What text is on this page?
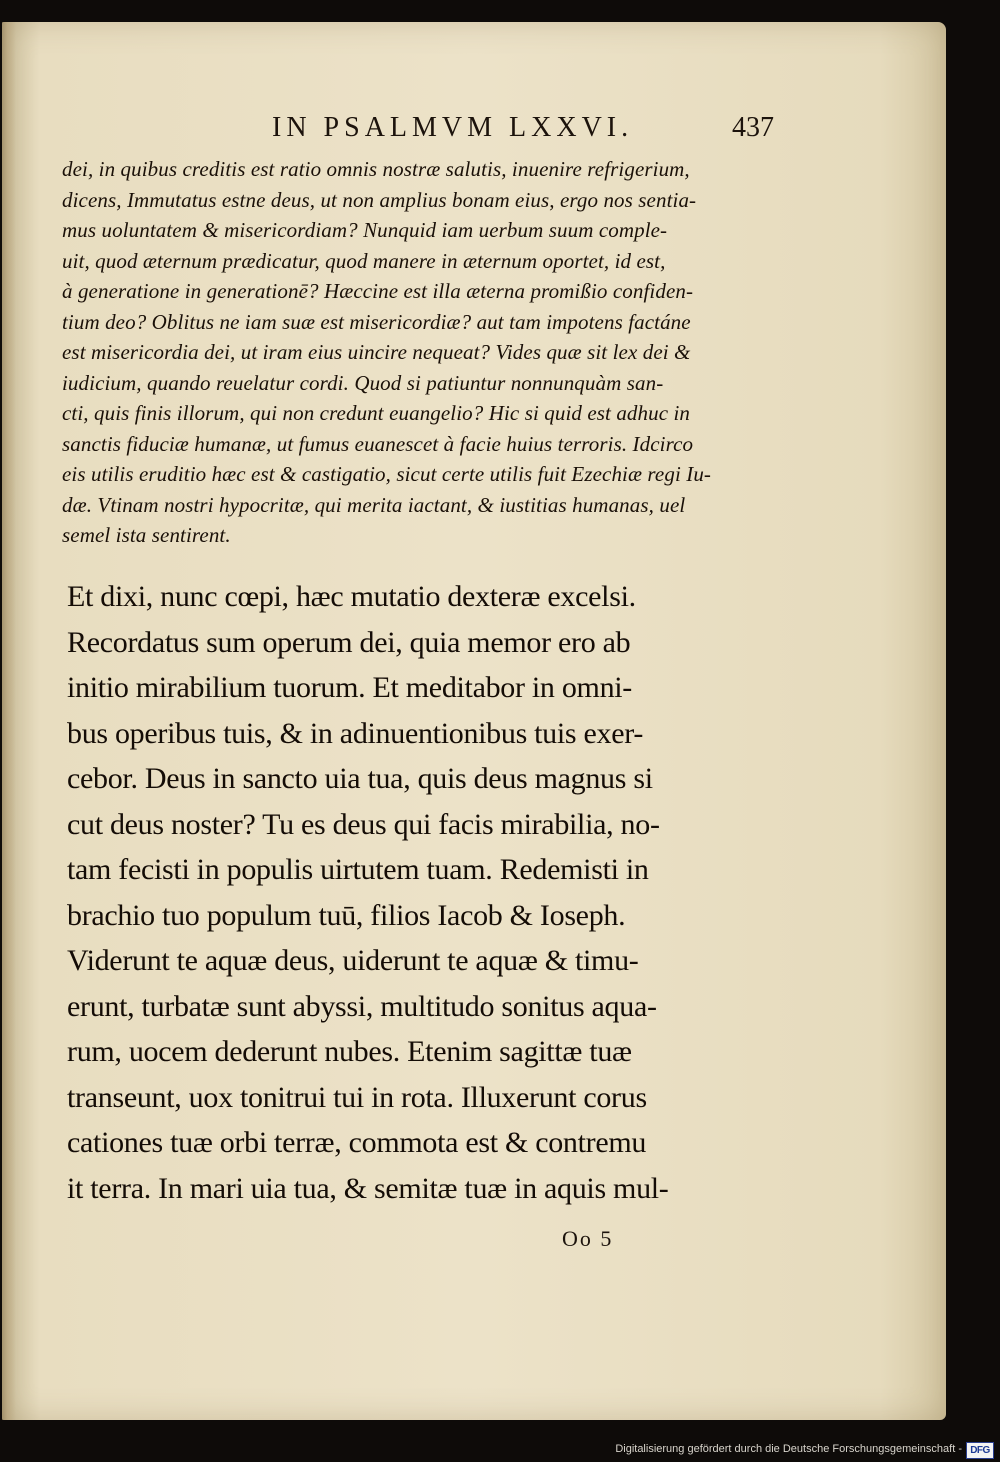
IN PSALMVM LXXVI.	437
dei, in quibus creditis est ratio omnis nostræ salutis, inuenire refrigerium,
dicens, Immutatus estne deus, ut non amplius bonam eius, ergo nos sentia-
mus uoluntatem & misericordiam? Nunquid iam uerbum suum comple-
uit, quod æternum prædicatur, quod manere in æternum oportet, id est,
à generatione in generationē? Hæccine est illa æterna promißio confiden-
tium deo? Oblitus ne iam suæ est misericordiæ? aut tam impotens factáne
est misericordia dei, ut iram eius uincire nequeat? Vides quæ sit lex dei &
iudicium, quando reuelatur cordi. Quod si patiuntur nonnunquàm san-
cti, quis finis illorum, qui non credunt euangelio? Hic si quid est adhuc in
sanctis fiduciæ humanæ, ut fumus euanescet à facie huius terroris. Idcirco
eis utilis eruditio hæc est & castigatio, sicut certe utilis fuit Ezechiæ regi Iu-
dæ. Vtinam nostri hypocritæ, qui merita iactant, & iustitias humanas, uel
semel ista sentirent.
Et dixi, nunc cœpi, hæc mutatio dexteræ excelsi.
Recordatus sum operum dei, quia memor ero ab
initio mirabilium tuorum. Et meditabor in omni-
bus operibus tuis, & in adinuentionibus tuis exer-
cebor. Deus in sancto uia tua, quis deus magnus si
cut deus noster? Tu es deus qui facis mirabilia, no-
tam fecisti in populis uirtutem tuam. Redemisti in
brachio tuo populum tuū, filios Iacob & Ioseph.
Viderunt te aquæ deus, uiderunt te aquæ & timu-
erunt, turbatæ sunt abyssi, multitudo sonitus aqua-
rum, uocem dederunt nubes. Etenim sagittæ tuæ
transeunt, uox tonitrui tui in rota. Illuxerunt corus
cationes tuæ orbi terræ, commota est & contremu
it terra. In mari uia tua, & semitæ tuæ in aquis mul-
Oo 5
Digitalisierung gefördert durch die Deutsche Forschungsgemeinschaft - DFG
